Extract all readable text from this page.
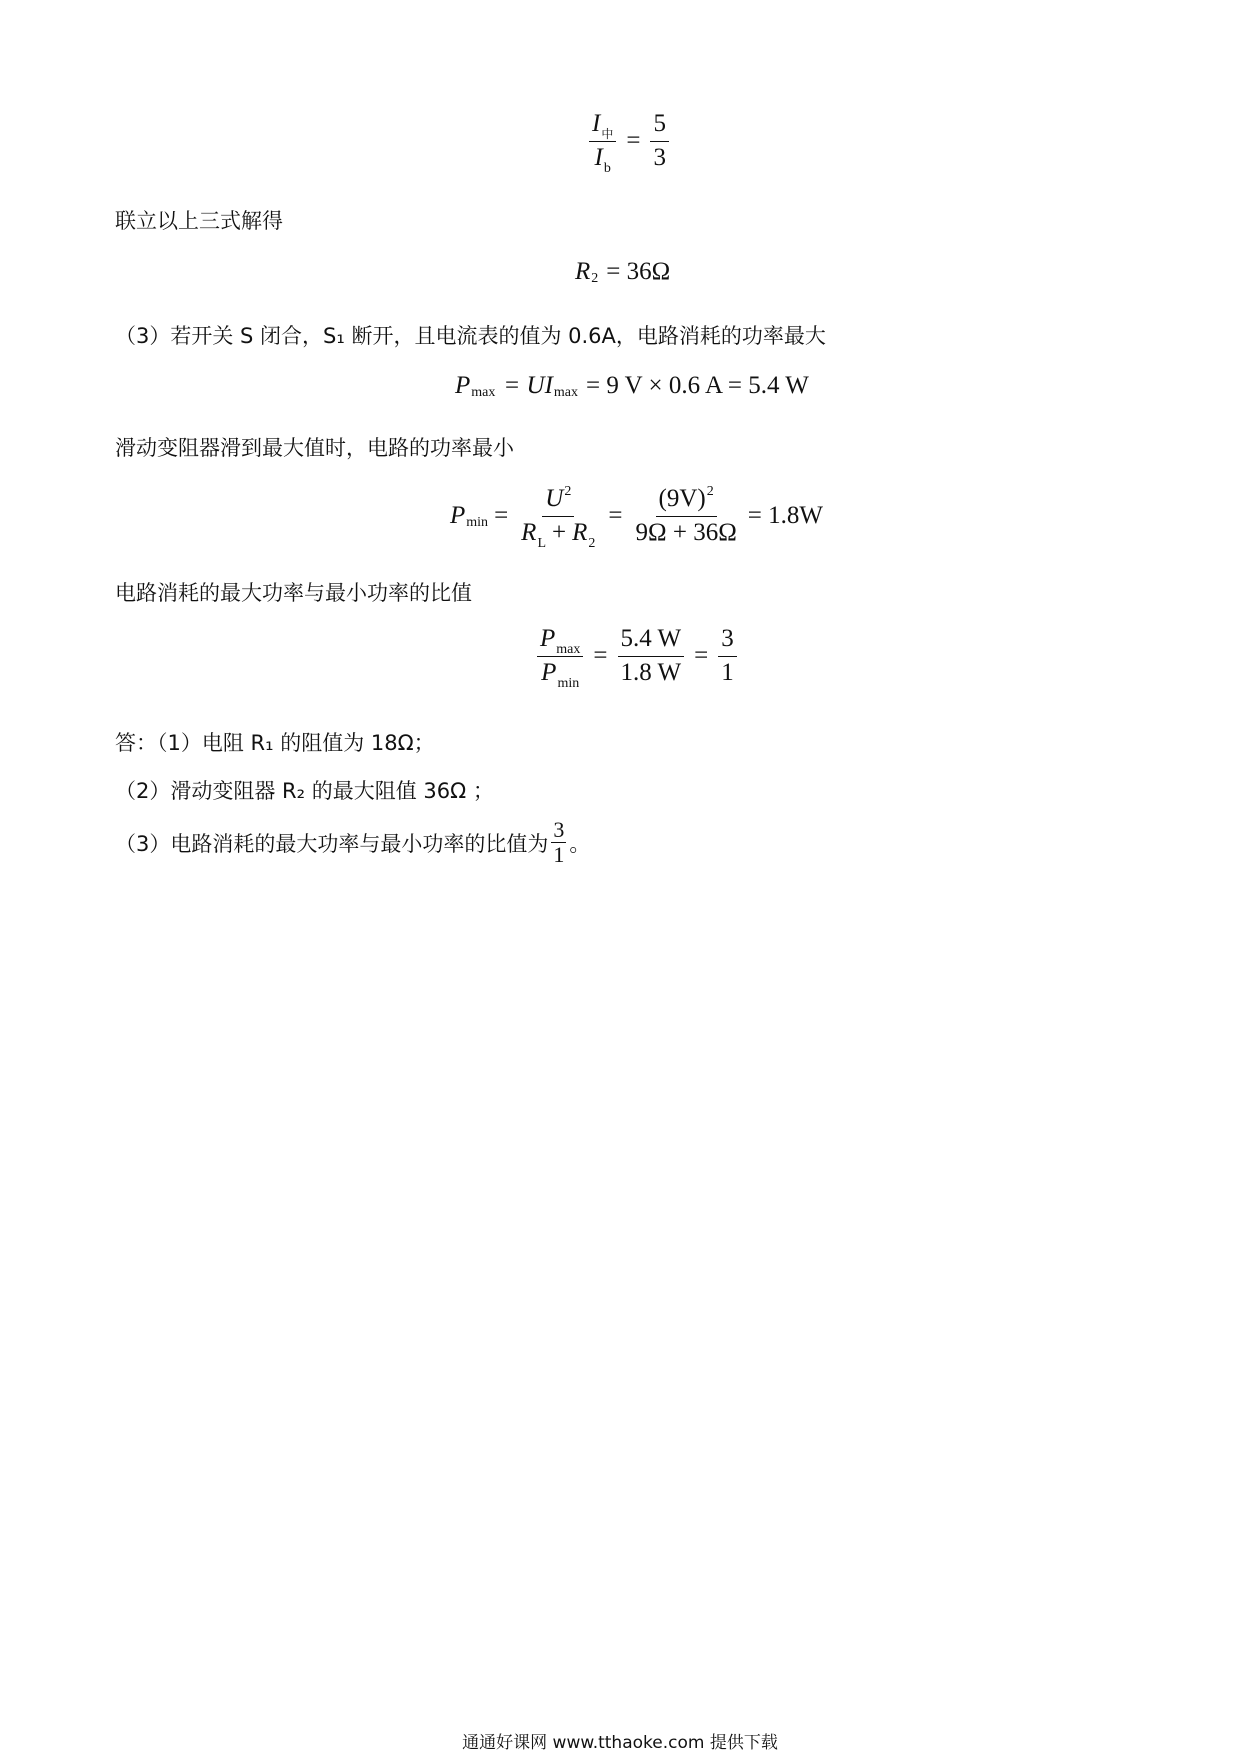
$\frac{I_中}{I_b} = \frac{5}{3}$
联立以上三式解得
R 2 = 36Ω
（3）若开关 S 闭合，S₁ 断开，且电流表的值为 0.6A，电路消耗的功率最大
P max = UI max = 9 V × 0.6 A = 5.4 W
滑动变阻器滑到最大值时，电路的功率最小
P $\min = \frac{U^2}{R_L + R_2} = \frac{(9V)^2}{9\Omega + 36\Omega} = 1.8W$
电路消耗的最大功率与最小功率的比值
$\frac{P_{max}}{P_{min}} = \frac{5.4 W}{1.8 W} = \frac{3}{1}$
答：（1）电阻 R₁ 的阻值为 18Ω；
（2）滑动变阻器 R₂ 的最大阻值 36Ω ；
（3）电路消耗的最大功率与最小功率的比值为 $\frac{3}{1}$ 。
通通好课网 www.tthaoke.com 提供下载
